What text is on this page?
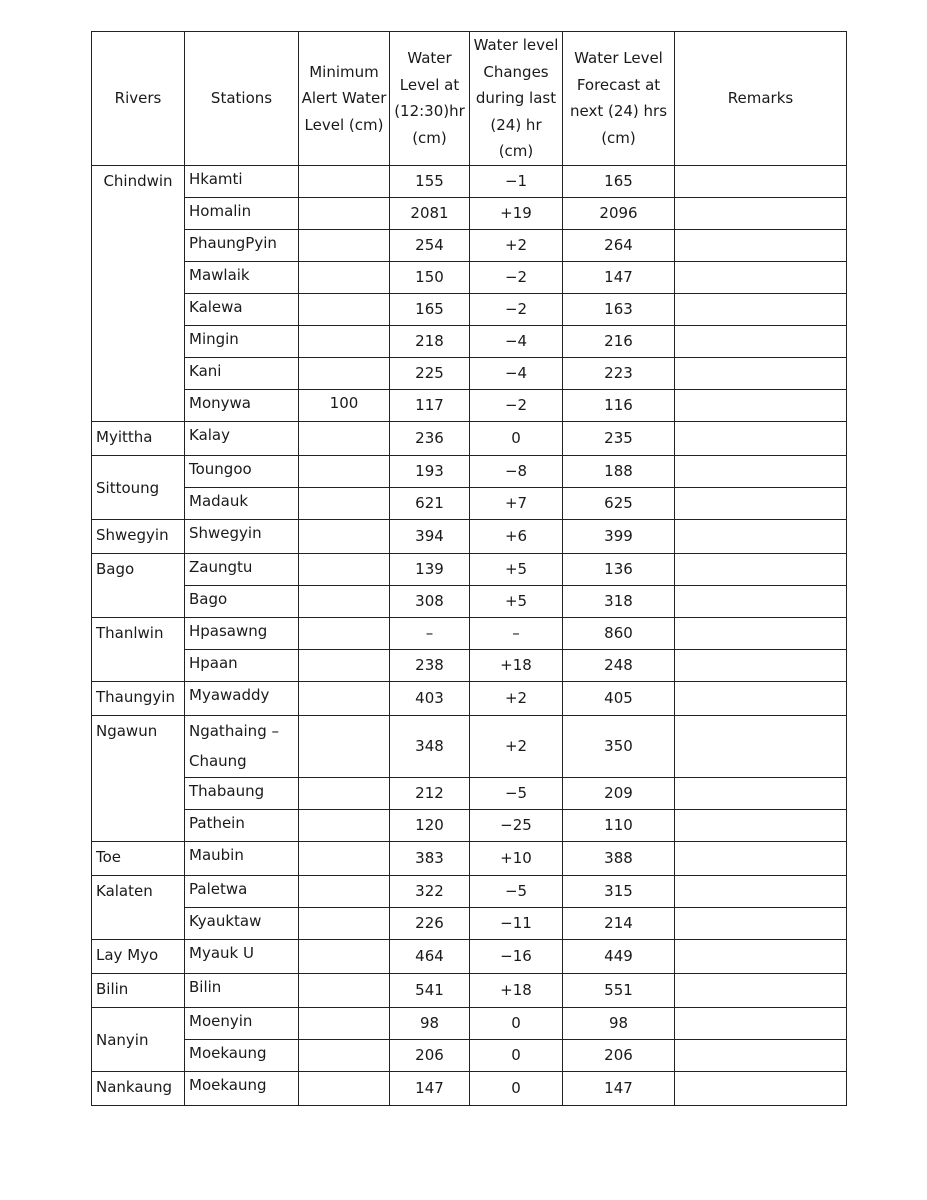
Rivers	Stations	Minimum Alert Water Level (cm)	Water Level at (12:30)hr (cm)	Water level Changes during last (24) hr (cm)	Water Level Forecast at next (24) hrs (cm)	Remarks
Chindwin	Hkamti		155	−1	165	
	Homalin		2081	+19	2096	
	PhaungPyin		254	+2	264	
	Mawlaik		150	−2	147	
	Kalewa		165	−2	163	
	Mingin		218	−4	216	
	Kani		225	−4	223	
	Monywa	100	117	−2	116	
Myittha	Kalay		236	0	235	
Sittoung	Toungoo		193	−8	188	
	Madauk		621	+7	625	
Shwegyin	Shwegyin		394	+6	399	
Bago	Zaungtu		139	+5	136	
	Bago		308	+5	318	
Thanlwin	Hpasawng		–	–	860	
	Hpaan		238	+18	248	
Thaungyin	Myawaddy		403	+2	405	
Ngawun	Ngathaing – Chaung		348	+2	350	
	Thabaung		212	−5	209	
	Pathein		120	−25	110	
Toe	Maubin		383	+10	388	
Kalaten	Paletwa		322	−5	315	
	Kyauktaw		226	−11	214	
Lay Myo	Myauk U		464	−16	449	
Bilin	Bilin		541	+18	551	
Nanyin	Moenyin		98	0	98	
	Moekaung		206	0	206	
Nankaung	Moekaung		147	0	147	
